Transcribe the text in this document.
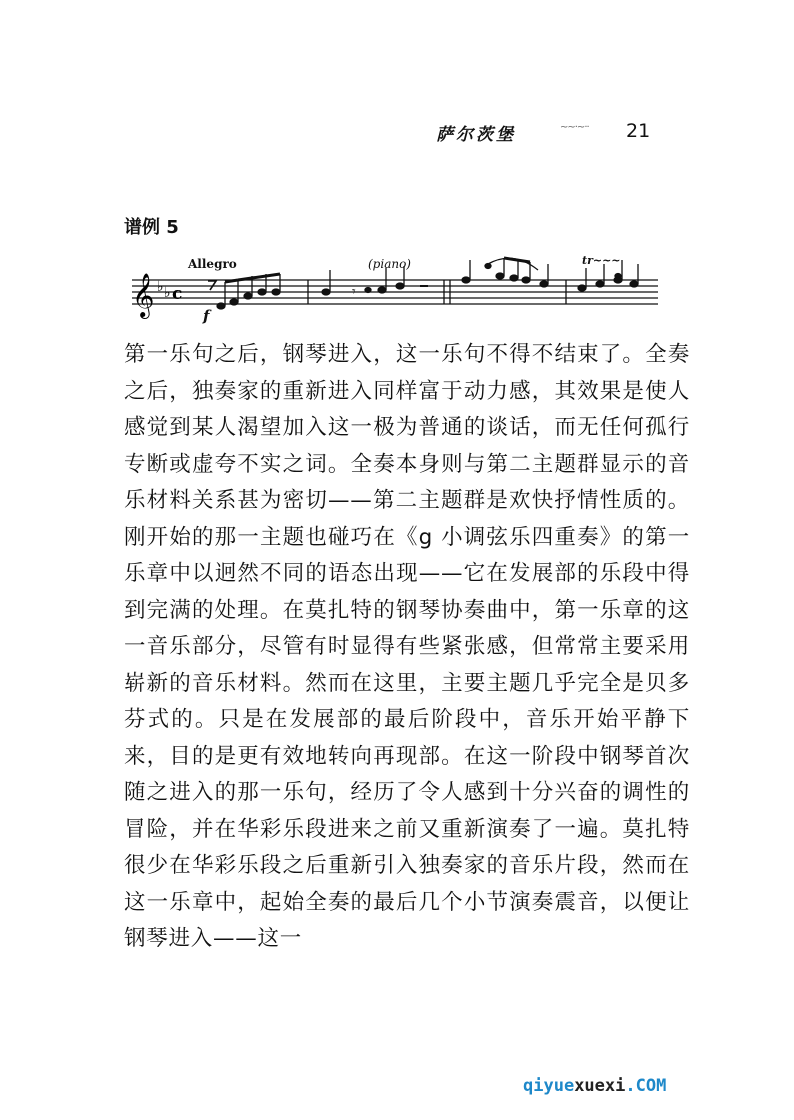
萨尔茨堡	~~·~·· 21
谱例 5
𝄞 ♭ ♭ c	𝄾
Allegro	(piano)
f
tr~~~

第一乐句之后，钢琴进入，这一乐句不得不结束了。全奏之后，独奏家的重新进入同样富于动力感，其效果是使人感觉到某人渴望加入这一极为普通的谈话，而无任何孤行专断或虚夸不实之词。全奏本身则与第二主题群显示的音乐材料关系甚为密切——第二主题群是欢快抒情性质的。刚开始的那一主题也碰巧在《g 小调弦乐四重奏》的第一乐章中以迥然不同的语态出现——它在发展部的乐段中得到完满的处理。在莫扎特的钢琴协奏曲中，第一乐章的这一音乐部分，尽管有时显得有些紧张感，但常常主要采用崭新的音乐材料。然而在这里，主要主题几乎完全是贝多芬式的。只是在发展部的最后阶段中，音乐开始平静下来，目的是更有效地转向再现部。在这一阶段中钢琴首次随之进入的那一乐句，经历了令人感到十分兴奋的调性的冒险，并在华彩乐段进来之前又重新演奏了一遍。莫扎特很少在华彩乐段之后重新引入独奏家的音乐片段，然而在这一乐章中，起始全奏的最后几个小节演奏震音，以便让钢琴进入——这一

qiyuexuexi.COM
